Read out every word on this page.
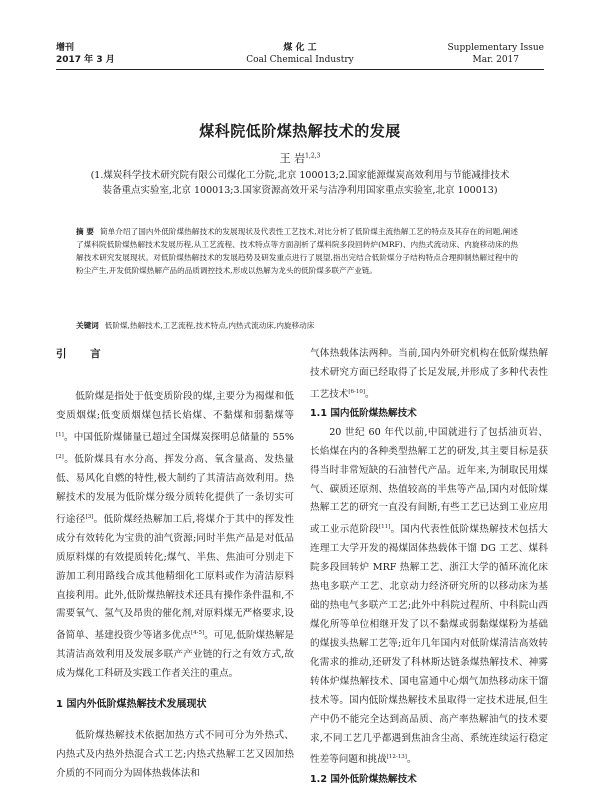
增刊
2017 年 3 月
煤 化 工
Coal Chemical Industry
Supplementary Issue
Mar. 2017
煤科院低阶煤热解技术的发展
王 岩$^{1,2,3}$
(1.煤炭科学技术研究院有限公司煤化工分院,北京 100013;2.国家能源煤炭高效利用与节能减排技术装备重点实验室,北京 100013;3.国家资源高效开采与洁净利用国家重点实验室,北京 100013)
摘 要 简单介绍了国内外低阶煤热解技术的发展现状及代表性工艺技术,对比分析了低阶煤主流热解工艺的特点及其存在的问题,阐述了煤科院低阶煤热解技术发展历程,从工艺流程、技术特点等方面剖析了煤科院多段回转炉(MRF)、内热式流动床、内旋移动床的热解技术研究发展现状。对低阶煤热解技术的发展趋势及研发重点进行了展望,指出完结合低阶煤分子结构特点合理抑制热解过程中的粉尘产生,开发低阶煤热解产品的品质调控技术,形成以热解为龙头的低阶煤多联产产业链。
关键词 低阶煤,热解技术,工艺流程,技术特点,内热式流动床,内旋移动床
引 言

低阶煤是指处于低变质阶段的煤,主要分为褐煤和低变质烟煤;低变质烟煤包括长焰煤、不黏煤和弱黏煤等[1]。中国低阶煤储量已超过全国煤炭探明总储量的 55%[2]。低阶煤具有水分高、挥发分高、氧含量高、发热量低、易风化自燃的特性,极大制约了其清洁高效利用。热解技术的发展为低阶煤分级分质转化提供了一条切实可行途径[3]。低阶煤经热解加工后,将煤介于其中的挥发性成分有效转化为宝贵的油气资源;同时半焦产品是对低品质原料煤的有效提质转化;煤气、半焦、焦油可分别走下游加工利用路线合成其他精细化工原料或作为清洁原料直接利用。此外,低阶煤热解技术还具有操作条件温和,不需要氧气、氢气及昂贵的催化剂,对原料煤无严格要求,设备简单、基建投资少等诸多优点[4-5]。可见,低阶煤热解是其清洁高效利用及发展多联产产业链的行之有效方式,故成为煤化工科研及实践工作者关注的重点。

1 国内外低阶煤热解技术发展现状

低阶煤热解技术依据加热方式不同可分为外热式、内热式及内热外热混合式工艺;内热式热解工艺又因加热介质的不同而分为固体热载体法和

气体热载体法两种。当前,国内外研究机构在低阶煤热解技术研究方面已经取得了长足发展,并形成了多种代表性工艺技术[6-10]。

1.1 国内低阶煤热解技术

20 世纪 60 年代以前,中国就进行了包括油页岩、长焰煤在内的各种类型热解工艺的研发,其主要目标是获得当时非常短缺的石油替代产品。近年来,为制取民用煤气、碳质还原剂、热值较高的半焦等产品,国内对低阶煤热解工艺的研究一直没有间断,有些工艺已达到工业应用或工业示范阶段[11]。国内代表性低阶煤热解技术包括大连理工大学开发的褐煤固体热载体干馏 DG 工艺、煤科院多段回转炉 MRF 热解工艺、浙江大学的循环流化床热电多联产工艺、北京动力经济研究所的以移动床为基础的热电气多联产工艺;此外中科院过程所、中科院山西煤化所等单位相继开发了以不黏煤或弱黏煤煤粉为基础的煤拔头热解工艺等;近年几年国内对低阶煤清洁高效转化需求的推动,还研发了科林斯达链条煤热解技术、神雾转体炉煤热解技术、国电富通中心烟气加热移动床干馏技术等。国内低阶煤热解技术虽取得一定技术进展,但生产中仍不能完全达到高品质、高产率热解油气的技术要求,不同工艺几乎都遇到焦油含尘高、系统连续运行稳定性差等问题和挑战[12-13]。

1.2 国外低阶煤热解技术
